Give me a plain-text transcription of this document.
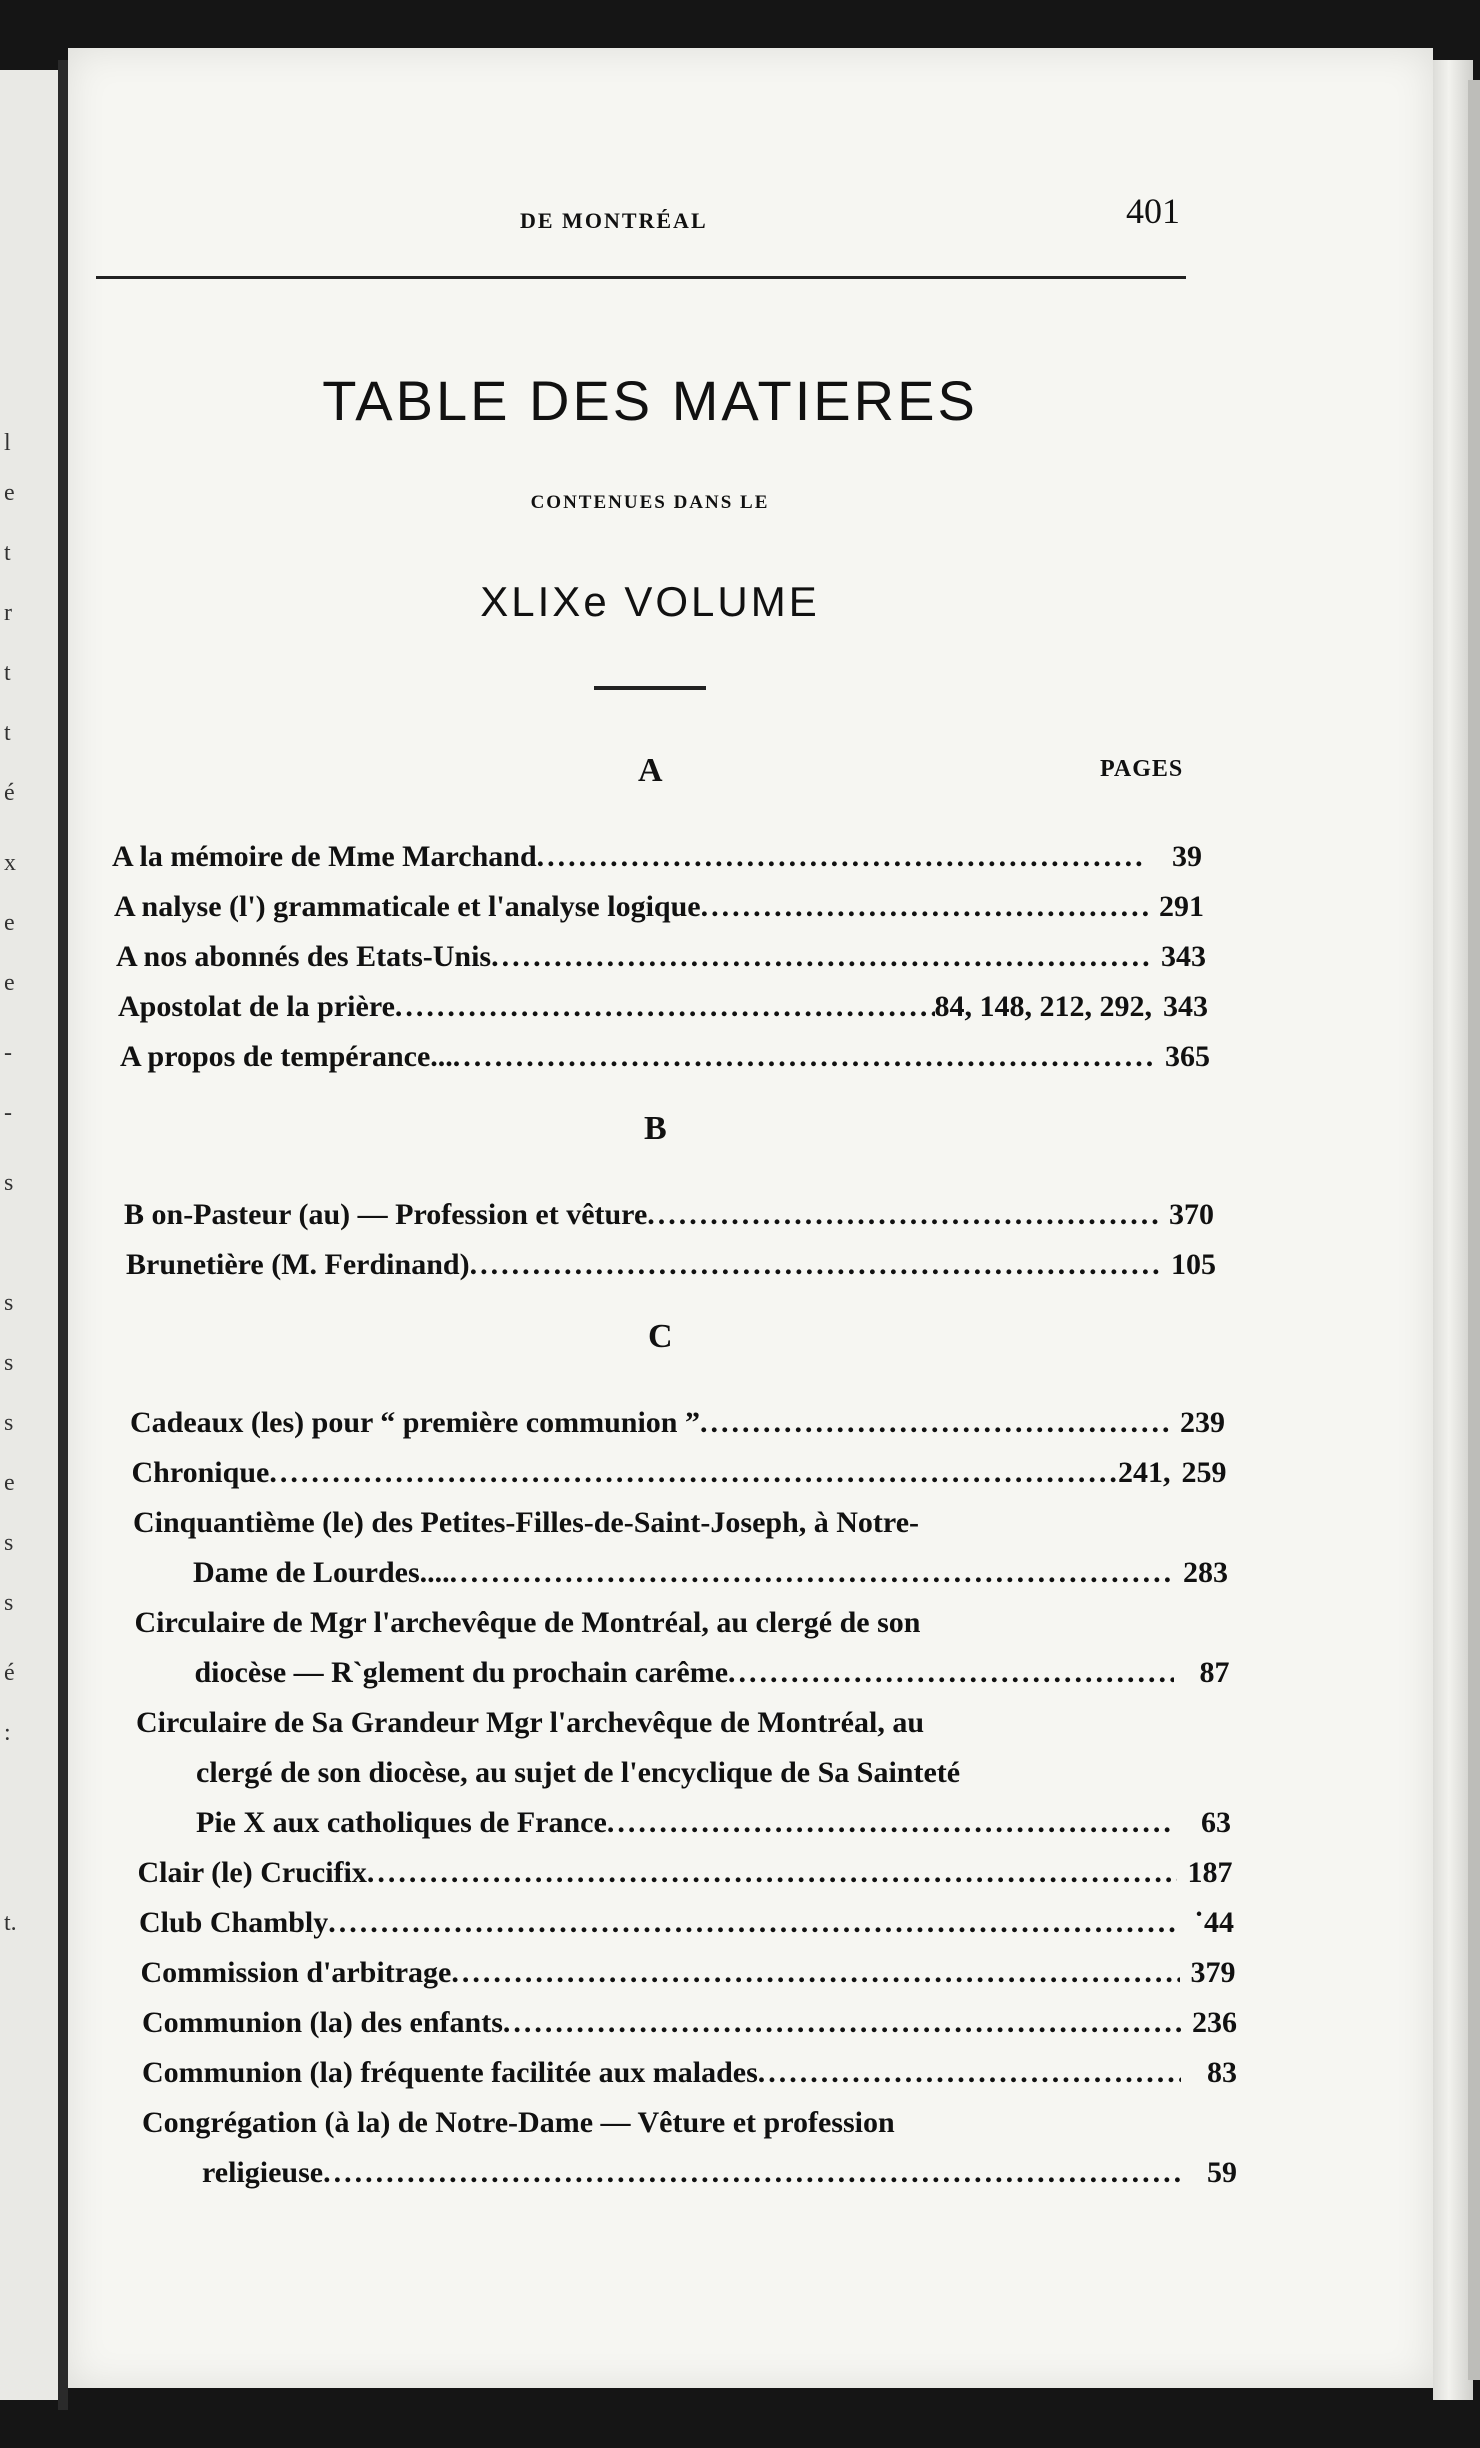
l
e
t
r
t
t
é
x
e
e
-
-
s
s
s
s
e
s
s
é
:
t.
DE MONTRÉAL	401
TABLE DES MATIERES
CONTENUES DANS LE
XLIXe VOLUME
PAGES
A la mémoire de Mme Marchand .....	39
A nalyse (l') grammaticale et l'analyse logique .....	291
A nos abonnés des Etats-Unis .....	343
Apostolat de la prière .....	84, 148, 212, 292, 343
A propos de tempérance... .....	365
B on-Pasteur (au) — Profession et vêture .....	370
Brunetière (M. Ferdinand) .....	105
Cadeaux (les) pour “ première communion ” .....	239
Chronique .....	241, 259
Cinquantième (le) des Petites-Filles-de-Saint-Joseph, à Notre-
Dame de Lourdes.... .....	283
Circulaire de Mgr l'archevêque de Montréal, au clergé de son
diocèse — Rˋglement du prochain carême .....	87
Circulaire de Sa Grandeur Mgr l'archevêque de Montréal, au
clergé de son diocèse, au sujet de l'encyclique de Sa Sainteté
Pie X aux catholiques de France .....	63
Clair (le) Crucifix .....	187
Club Chambly .....	˙44
Commission d'arbitrage .....	379
Communion (la) des enfants .....	236
Communion (la) fréquente facilitée aux malades .....	83
Congrégation (à la) de Notre-Dame — Vêture et profession
religieuse .....	59
A
B
C
